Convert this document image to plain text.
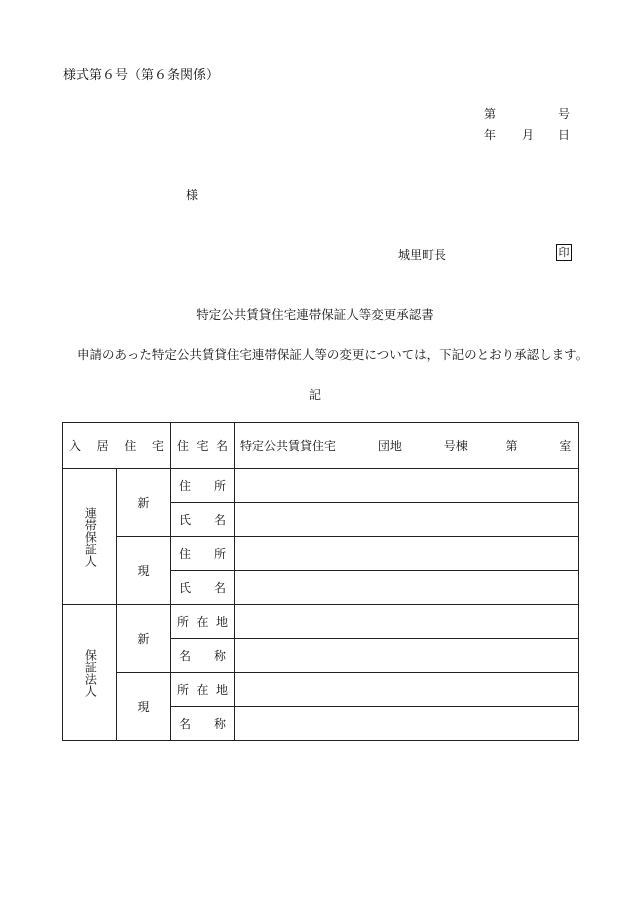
様式第６号（第６条関係）
第	号
年 月 日
様
城里町長	印
特定公共賃貸住宅連帯保証人等変更承認書
申請のあった特定公共賃貸住宅連帯保証人等の変更については，下記のとおり承認します。
記
入 居 住 宅		住 宅 名	特定公共賃貸住宅 団地 号棟 第 室

連帯保証人	新	住 所	

		氏 名	

	現	住 所	

		氏 名	

保証法人	新	所 在 地	

		名 称	

	現	所 在 地	

		名 称	
